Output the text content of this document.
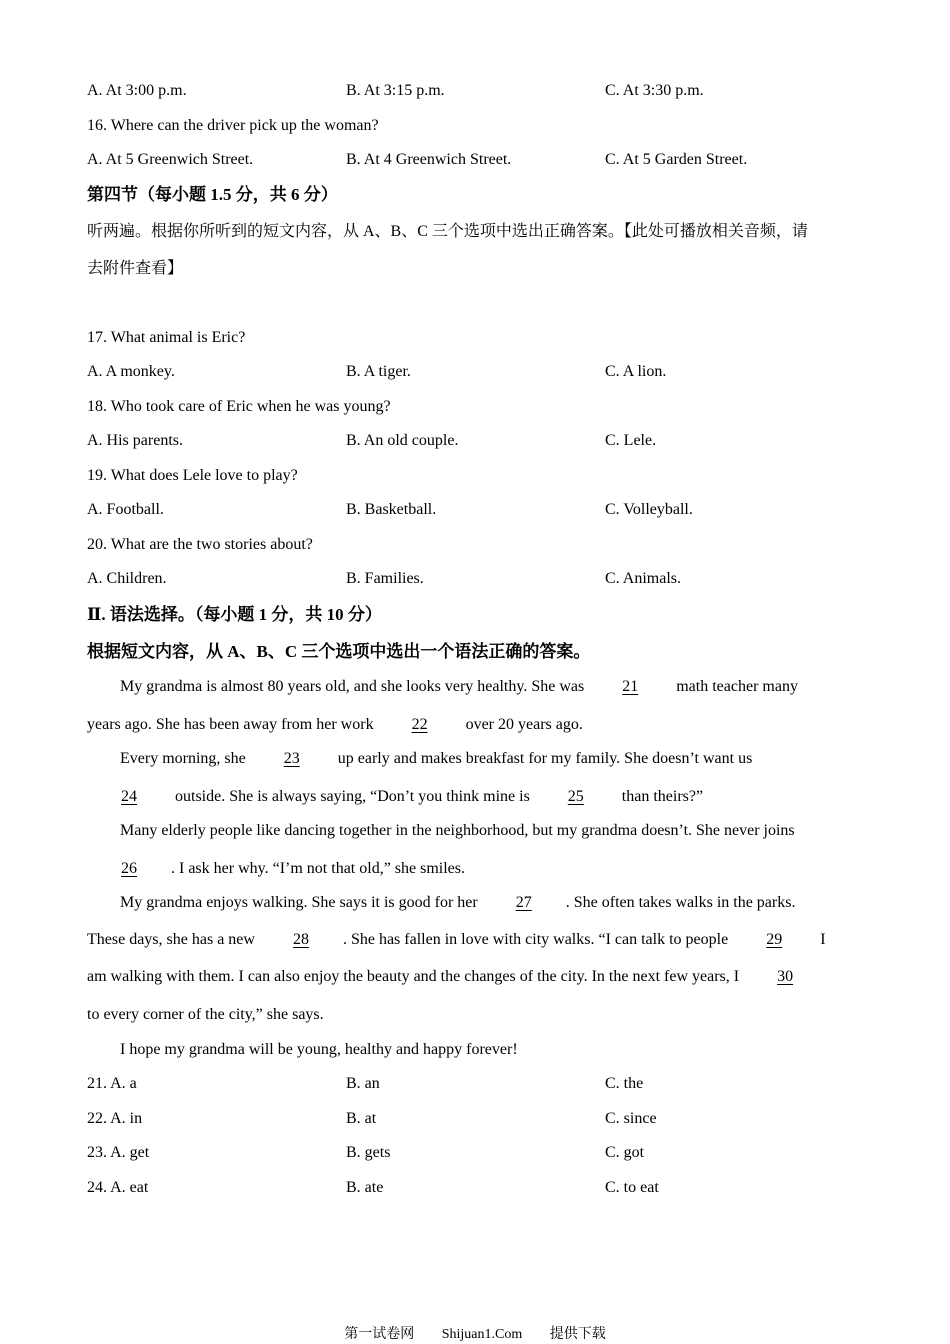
A. At 3:00 p.m.	B. At 3:15 p.m.	C. At 3:30 p.m.
16. Where can the driver pick up the woman?
A. At 5 Greenwich Street.	B. At 4 Greenwich Street.	C. At 5 Garden Street.
第四节（每小题 1.5 分，共 6 分）
听两遍。根据你所听到的短文内容，从 A、B、C 三个选项中选出正确答案。【此处可播放相关音频，请
去附件查看】
17. What animal is Eric?
A. A monkey.	B. A tiger.	C. A lion.
18. Who took care of Eric when he was young?
A. His parents.	B. An old couple.	C. Lele.
19. What does Lele love to play?
A. Football.	B. Basketball.	C. Volleyball.
20. What are the two stories about?
A. Children.	B. Families.	C. Animals.
Ⅱ. 语法选择。（每小题 1 分，共 10 分）
根据短文内容，从 A、B、C 三个选项中选出一个语法正确的答案。
My grandma is almost 80 years old, and she looks very healthy. She was 21 math teacher many
years ago. She has been away from her work 22 over 20 years ago.
Every morning, she 23 up early and makes breakfast for my family. She doesn’t want us
24 outside. She is always saying, “Don’t you think mine is 25 than theirs?”
Many elderly people like dancing together in the neighborhood, but my grandma doesn’t. She never joins
26 . I ask her why. “I’m not that old,” she smiles.
My grandma enjoys walking. She says it is good for her 27 . She often takes walks in the parks.
These days, she has a new 28 . She has fallen in love with city walks. “I can talk to people 29 I
am walking with them. I can also enjoy the beauty and the changes of the city. In the next few years, I 30
to every corner of the city,” she says.
I hope my grandma will be young, healthy and happy forever!
21. A. a	B. an	C. the
22. A. in	B. at	C. since
23. A. get	B. gets	C. got
24. A. eat	B. ate	C. to eat
第一试卷网 Shijuan1.Com 提供下载
